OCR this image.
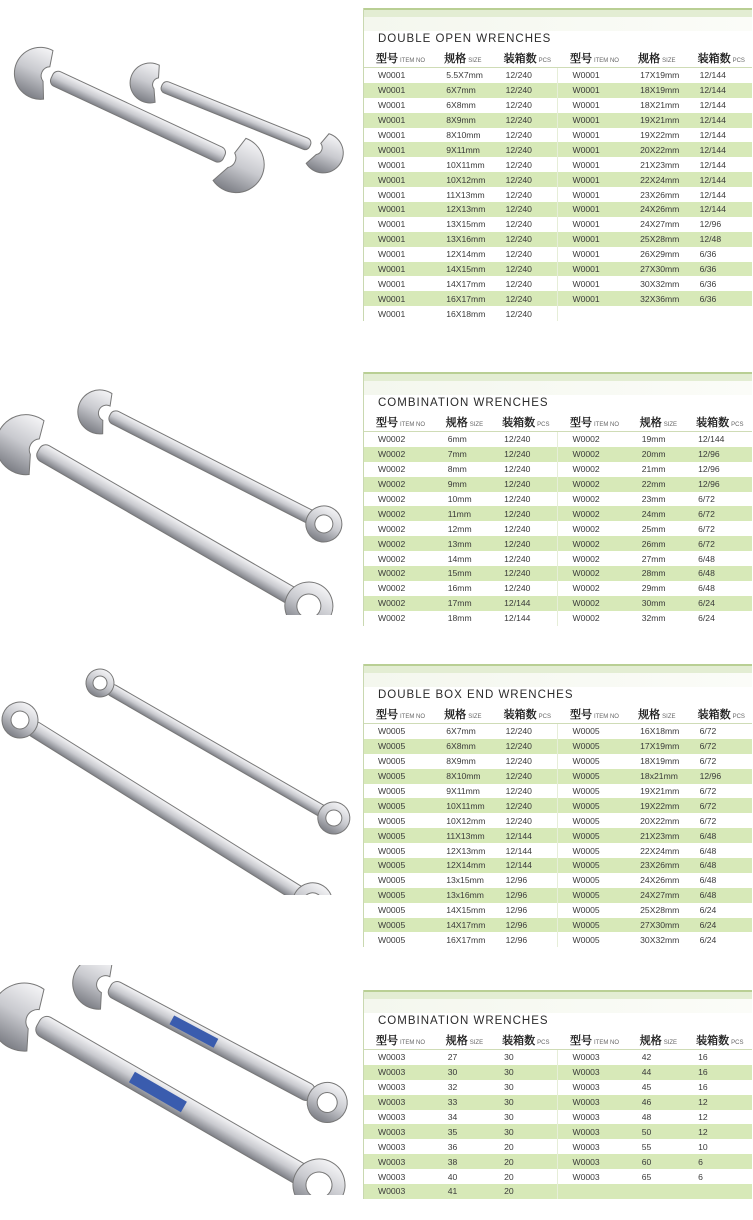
DOUBLE OPEN WRENCHES
型号 ITEM NO	规格 SIZE	装箱数 PCS	型号 ITEM NO	规格 SIZE	装箱数 PCS
W0001	5.5X7mm	12/240	W0001	17X19mm	12/144
W0001	6X7mm	12/240	W0001	18X19mm	12/144
W0001	6X8mm	12/240	W0001	18X21mm	12/144
W0001	8X9mm	12/240	W0001	19X21mm	12/144
W0001	8X10mm	12/240	W0001	19X22mm	12/144
W0001	9X11mm	12/240	W0001	20X22mm	12/144
W0001	10X11mm	12/240	W0001	21X23mm	12/144
W0001	10X12mm	12/240	W0001	22X24mm	12/144
W0001	11X13mm	12/240	W0001	23X26mm	12/144
W0001	12X13mm	12/240	W0001	24X26mm	12/144
W0001	13X15mm	12/240	W0001	24X27mm	12/96
W0001	13X16mm	12/240	W0001	25X28mm	12/48
W0001	12X14mm	12/240	W0001	26X29mm	6/36
W0001	14X15mm	12/240	W0001	27X30mm	6/36
W0001	14X17mm	12/240	W0001	30X32mm	6/36
W0001	16X17mm	12/240	W0001	32X36mm	6/36
W0001	16X18mm	12/240			
COMBINATION WRENCHES
型号 ITEM NO	规格 SIZE	装箱数 PCS	型号 ITEM NO	规格 SIZE	装箱数 PCS
W0002	6mm	12/240	W0002	19mm	12/144
W0002	7mm	12/240	W0002	20mm	12/96
W0002	8mm	12/240	W0002	21mm	12/96
W0002	9mm	12/240	W0002	22mm	12/96
W0002	10mm	12/240	W0002	23mm	6/72
W0002	11mm	12/240	W0002	24mm	6/72
W0002	12mm	12/240	W0002	25mm	6/72
W0002	13mm	12/240	W0002	26mm	6/72
W0002	14mm	12/240	W0002	27mm	6/48
W0002	15mm	12/240	W0002	28mm	6/48
W0002	16mm	12/240	W0002	29mm	6/48
W0002	17mm	12/144	W0002	30mm	6/24
W0002	18mm	12/144	W0002	32mm	6/24
DOUBLE BOX END WRENCHES
型号 ITEM NO	规格 SIZE	装箱数 PCS	型号 ITEM NO	规格 SIZE	装箱数 PCS
W0005	6X7mm	12/240	W0005	16X18mm	6/72
W0005	6X8mm	12/240	W0005	17X19mm	6/72
W0005	8X9mm	12/240	W0005	18X19mm	6/72
W0005	8X10mm	12/240	W0005	18x21mm	12/96
W0005	9X11mm	12/240	W0005	19X21mm	6/72
W0005	10X11mm	12/240	W0005	19X22mm	6/72
W0005	10X12mm	12/240	W0005	20X22mm	6/72
W0005	11X13mm	12/144	W0005	21X23mm	6/48
W0005	12X13mm	12/144	W0005	22X24mm	6/48
W0005	12X14mm	12/144	W0005	23X26mm	6/48
W0005	13x15mm	12/96	W0005	24X26mm	6/48
W0005	13x16mm	12/96	W0005	24X27mm	6/48
W0005	14X15mm	12/96	W0005	25X28mm	6/24
W0005	14X17mm	12/96	W0005	27X30mm	6/24
W0005	16X17mm	12/96	W0005	30X32mm	6/24
COMBINATION WRENCHES
型号 ITEM NO	规格 SIZE	装箱数 PCS	型号 ITEM NO	规格 SIZE	装箱数 PCS
W0003	27	30	W0003	42	16
W0003	30	30	W0003	44	16
W0003	32	30	W0003	45	16
W0003	33	30	W0003	46	12
W0003	34	30	W0003	48	12
W0003	35	30	W0003	50	12
W0003	36	20	W0003	55	10
W0003	38	20	W0003	60	6
W0003	40	20	W0003	65	6
W0003	41	20			
